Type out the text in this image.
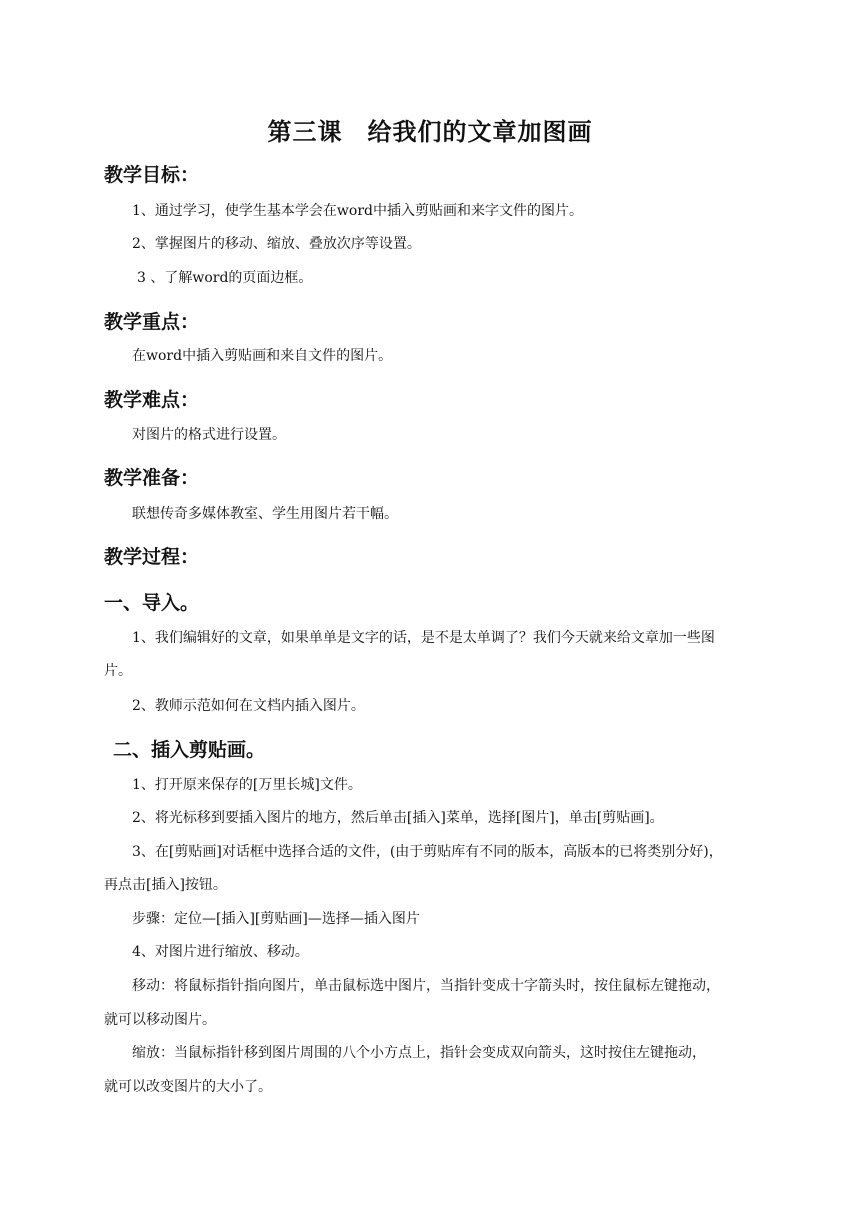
第三课　给我们的文章加图画
教学目标：

1、通过学习，使学生基本学会在word中插入剪贴画和来字文件的图片。

2、掌握图片的移动、缩放、叠放次序等设置。

3 、了解word的页面边框。

教学重点：

在word中插入剪贴画和来自文件的图片。

教学难点：

对图片的格式进行设置。

教学准备：

联想传奇多媒体教室、学生用图片若干幅。

教学过程：
一、导入。

1、我们编辑好的文章，如果单单是文字的话，是不是太单调了？我们今天就来给文章加一些图

片。

2、教师示范如何在文档内插入图片。

二、插入剪贴画。

1、打开原来保存的[万里长城]文件。

2、将光标移到要插入图片的地方，然后单击[插入]菜单，选择[图片]，单击[剪贴画]。

3、在[剪贴画]对话框中选择合适的文件，(由于剪贴库有不同的版本，高版本的已将类别分好)，

再点击[插入]按钮。

步骤：定位—[插入][剪贴画]—选择—插入图片

4、对图片进行缩放、移动。

移动：将鼠标指针指向图片，单击鼠标选中图片，当指针变成十字箭头时，按住鼠标左键拖动，

就可以移动图片。

缩放：当鼠标指针移到图片周围的八个小方点上，指针会变成双向箭头，这时按住左键拖动，

就可以改变图片的大小了。
